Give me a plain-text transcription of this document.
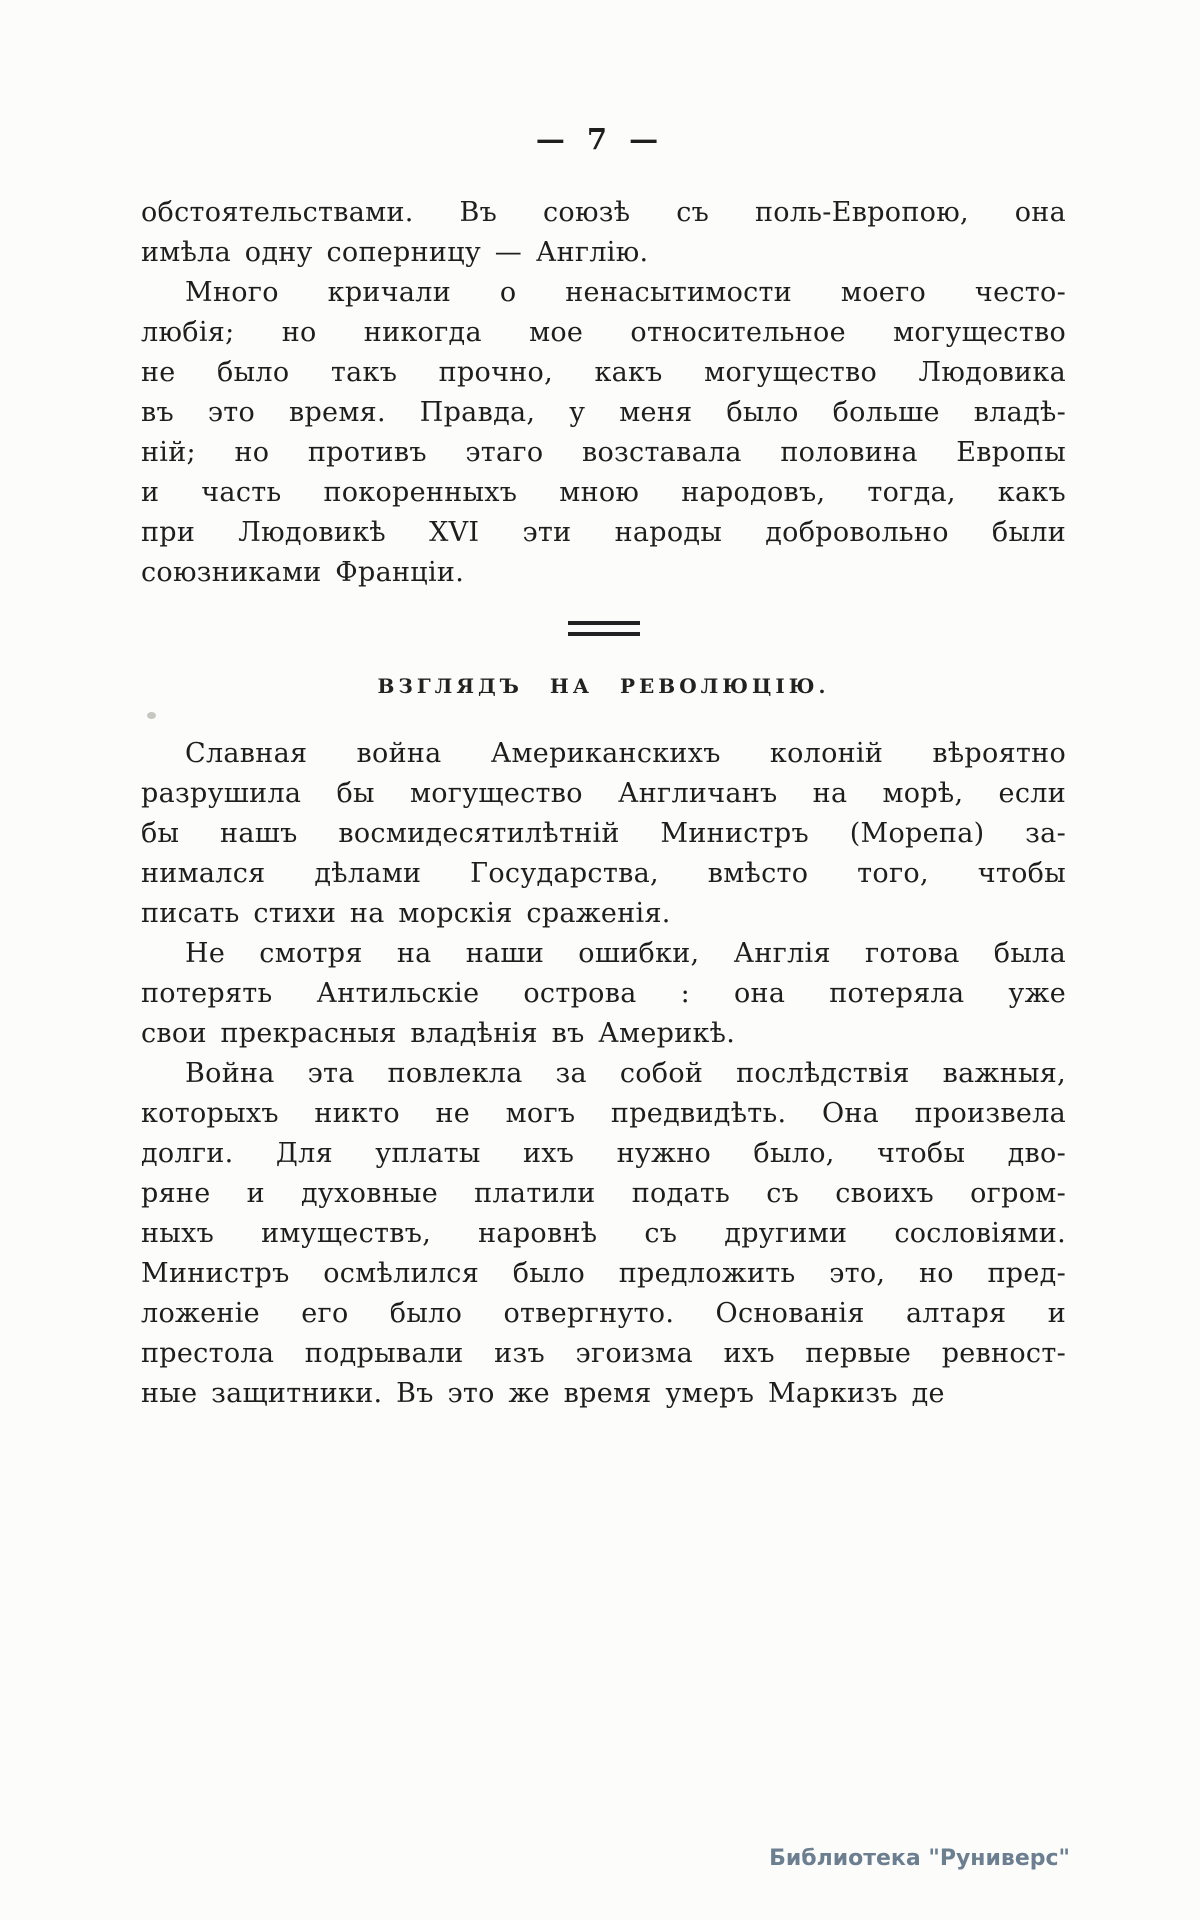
— 7 —
обстоятельствами. Въ союзѣ съ поль-Европою, она
имѣла одну соперницу — Англію.
Много кричали о ненасытимости моего често-
любія; но никогда мое относительное могущество
не было такъ прочно, какъ могущество Людовика
въ это время. Правда, у меня было больше владѣ-
ній; но противъ этаго возставала половина Европы
и часть покоренныхъ мною народовъ, тогда, какъ
при Людовикѣ XVI эти народы добровольно были
союзниками Франціи.
ВЗГЛЯДЪ НА РЕВОЛЮЦІЮ.
Славная война Американскихъ колоній вѣроятно
разрушила бы могущество Англичанъ на морѣ, если
бы нашъ восмидесятилѣтній Министръ (Морепа) за-
нимался дѣлами Государства, вмѣсто того, чтобы
писать стихи на морскія сраженія.
Не смотря на наши ошибки, Англія готова была
потерять Антильскіе острова : она потеряла уже
свои прекрасныя владѣнія въ Америкѣ.
Война эта повлекла за собой послѣдствія важныя,
которыхъ никто не могъ предвидѣть. Она произвела
долги. Для уплаты ихъ нужно было, чтобы дво-
ряне и духовные платили подать съ своихъ огром-
ныхъ имуществъ, наровнѣ съ другими сословіями.
Министръ осмѣлился было предложить это, но пред-
ложеніе его было отвергнуто. Основанія алтаря и
престола подрывали изъ эгоизма ихъ первые ревност-
ные защитники. Въ это же время умеръ Маркизъ де
Библиотека "Руниверс"
